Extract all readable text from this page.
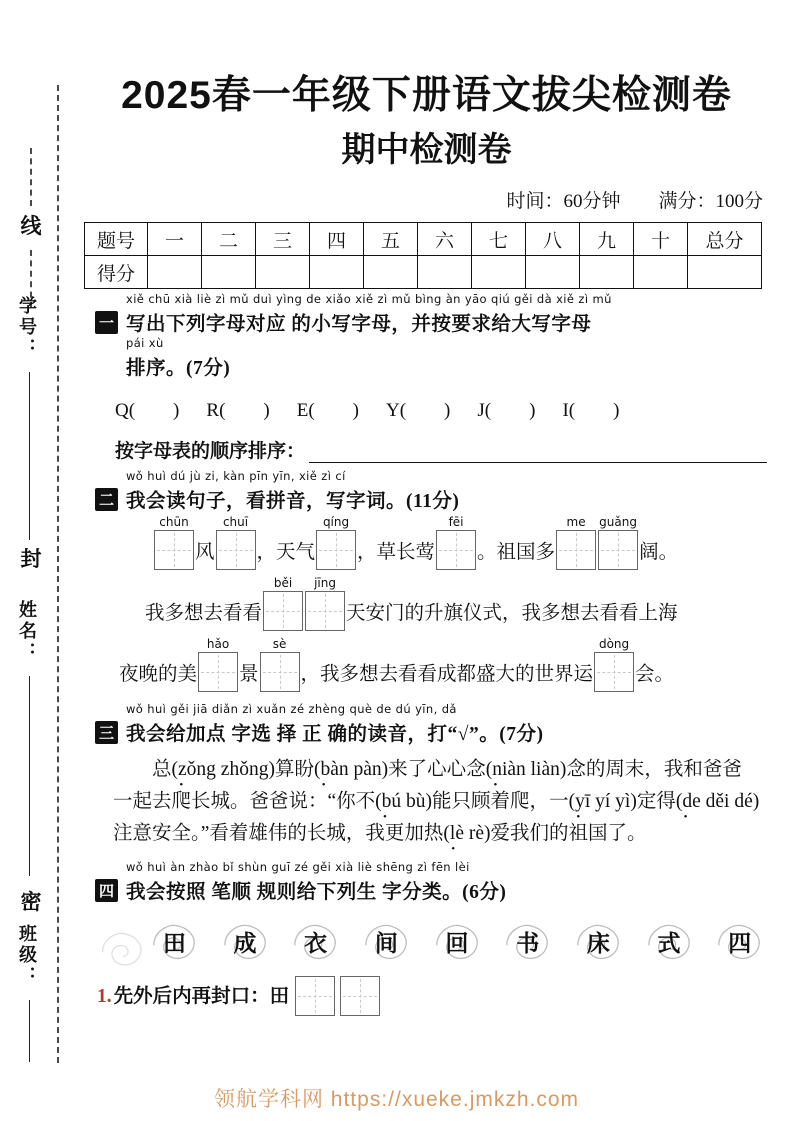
线
学号：
封
姓名：
密
班级：
2025春一年级下册语文拔尖检测卷
期中检测卷
时间：60分钟　　满分：100分
题号	一	二	三	四	五	六	七	八	九	十	总分
得分											
xiě chū xià liè zì mǔ duì yìng de xiǎo xiě zì mǔ bìng àn yāo qiú gěi dà xiě zì mǔ
一 写出下列字母对应 的小写字母，并按要求给大写字母
pái xù
排序。(7分)
Q(　　) R(　　) E(　　) Y(　　) J(　　) I(　　)
按字母表的顺序排序：
wǒ huì dú jù zi, kàn pīn yīn, xiě zì cí
二 我会读句子，看拼音，写字词。(11分)
chūn
风
chuī
，天气
qíng
，草长莺
fēi
。祖国多
me guǎng
阔。
我多想去看看
běi jīng
天安门的升旗仪式，我多想去看看上海
夜晚的美
hǎo
景
sè
，我多想去看看成都盛大的世界运
dòng
会。
wǒ huì gěi jiā diǎn zì xuǎn zé zhèng què de dú yīn, dǎ
三 我会给加点 字选 择 正 确的读音，打“√”。(7分)
总(zǒng zhǒng)算盼(bàn pàn)来了心心念(niàn liàn)念的周末，我和爸爸一起去爬长城。爸爸说：“你不(bú bù)能只顾着爬，一(yī yí yì)定得(de děi dé)注意安全。”看着雄伟的长城，我更加热(lè rè)爱我们的祖国了。
wǒ huì àn zhào bǐ shùn guī zé gěi xià liè shēng zì fēn lèi
四 我会按照 笔顺 规则给下列生 字分类。(6分)
田 成 衣 间 回 书 床 式 四
1. 先外后内再封口：田
领航学科网 https://xueke.jmkzh.com
